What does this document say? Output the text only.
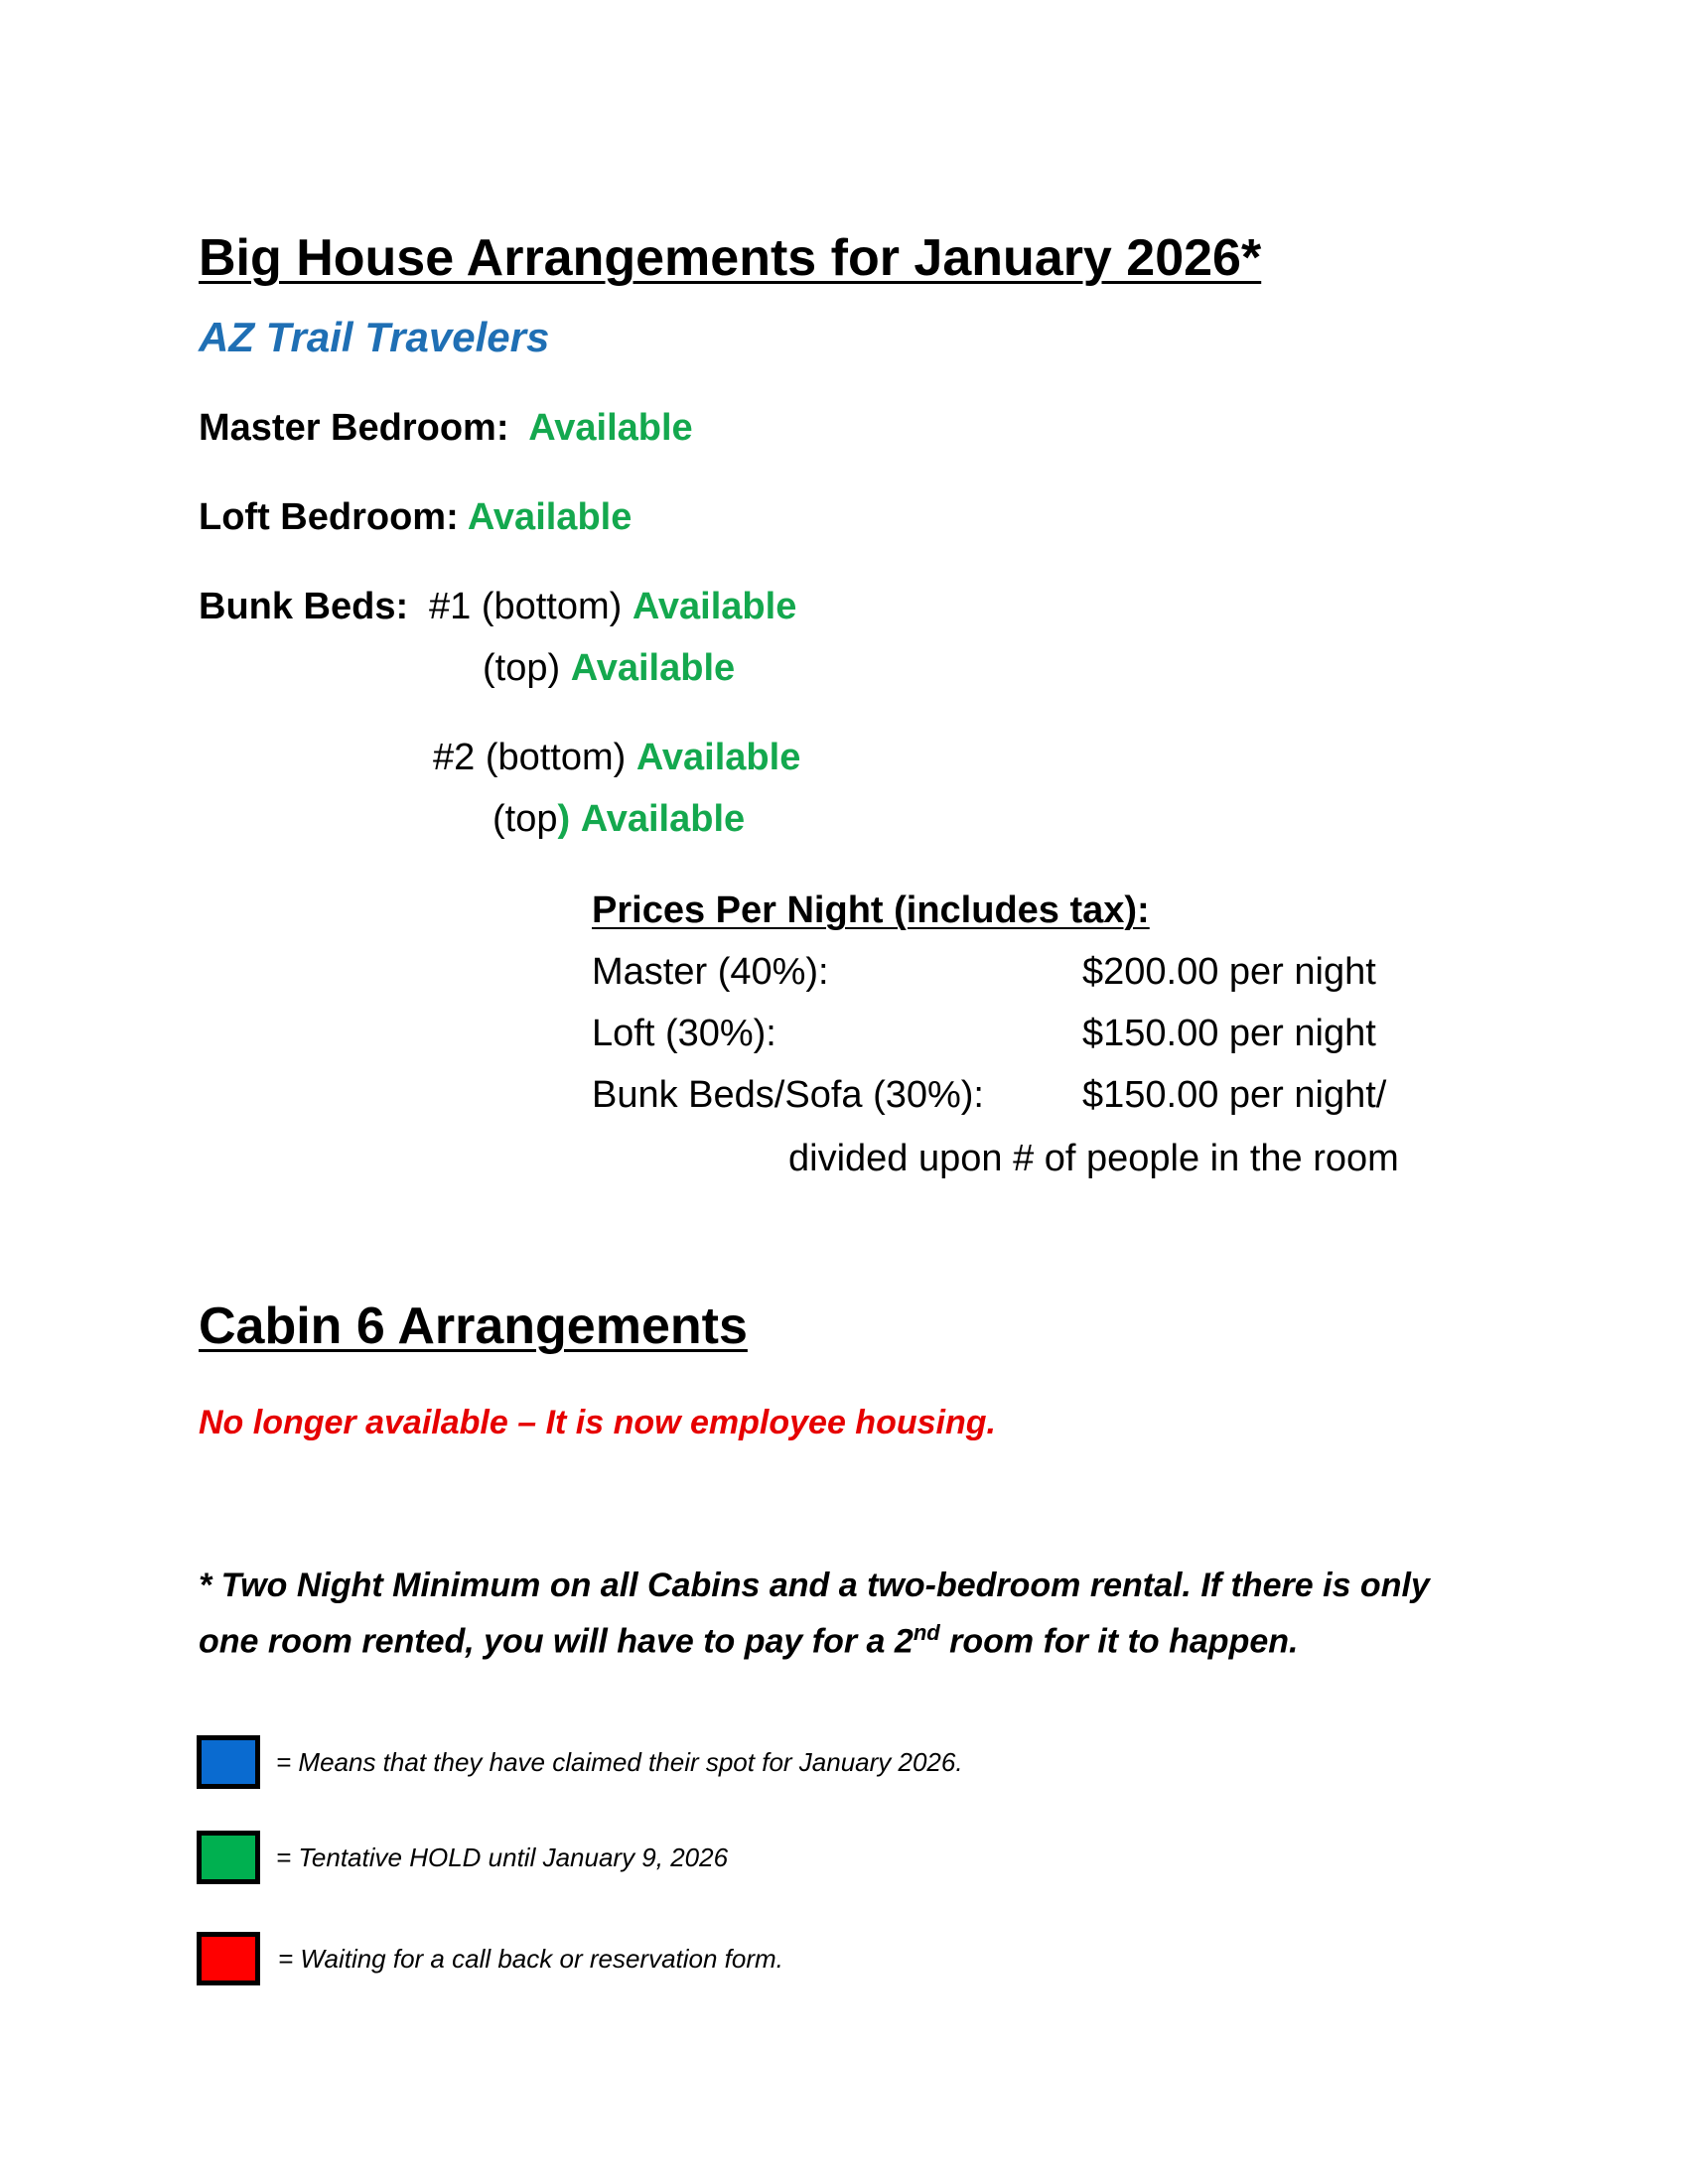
Big House Arrangements for January 2026*
AZ Trail Travelers
Master Bedroom: Available
Loft Bedroom: Available
Bunk Beds: #1 (bottom) Available
(top) Available
#2 (bottom) Available
(top) Available
Prices Per Night (includes tax):
Master (40%):	$200.00 per night
Loft (30%):	$150.00 per night
Bunk Beds/Sofa (30%):	$150.00 per night/
divided upon # of people in the room
Cabin 6 Arrangements
No longer available – It is now employee housing.
* Two Night Minimum on all Cabins and a two-bedroom rental. If there is only
one room rented, you will have to pay for a 2nd room for it to happen.
= Means that they have claimed their spot for January 2026.
= Tentative HOLD until January 9, 2026
= Waiting for a call back or reservation form.
